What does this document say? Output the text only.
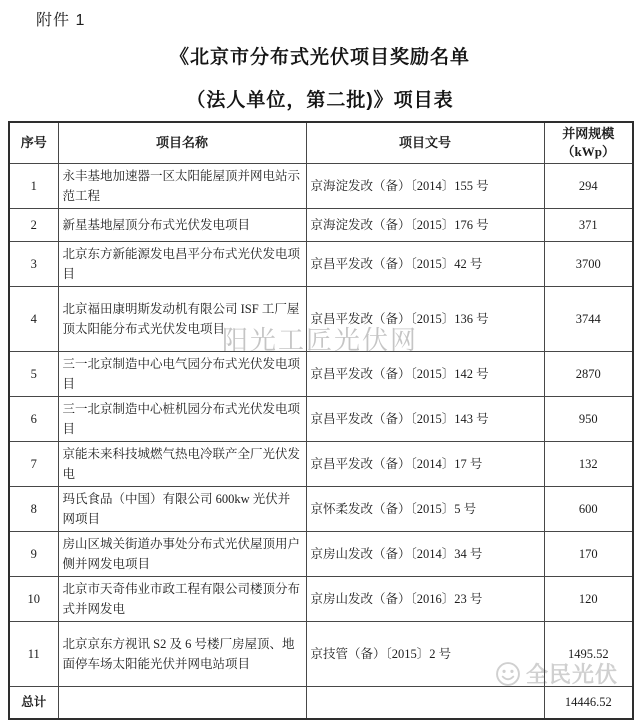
阳光工匠光伏网
全民光伏
附件 1
《北京市分布式光伏项目奖励名单
（法人单位，第二批)》项目表
序号	项目名称	项目文号	并网规模
（kWp）

1	永丰基地加速器一区太阳能屋顶并网电站示范工程	京海淀发改（备）〔2014〕155 号	294
2	新星基地屋顶分布式光伏发电项目	京海淀发改（备）〔2015〕176 号	371
3	北京东方新能源发电昌平分布式光伏发电项目	京昌平发改（备）〔2015〕42 号	3700
4	北京福田康明斯发动机有限公司 ISF 工厂屋顶太阳能分布式光伏发电项目	京昌平发改（备）〔2015〕136 号	3744
5	三一北京制造中心电气园分布式光伏发电项目	京昌平发改（备）〔2015〕142 号	2870
6	三一北京制造中心桩机园分布式光伏发电项目	京昌平发改（备）〔2015〕143 号	950
7	京能未来科技城燃气热电冷联产全厂光伏发电	京昌平发改（备）〔2014〕17 号	132
8	玛氏食品（中国）有限公司 600kw 光伏并网项目	京怀柔发改（备）〔2015〕5 号	600
9	房山区城关街道办事处分布式光伏屋顶用户侧并网发电项目	京房山发改（备）〔2014〕34 号	170
10	北京市天奇伟业市政工程有限公司楼顶分布式并网发电	京房山发改（备）〔2016〕23 号	120
11	北京京东方视讯 S2 及 6 号楼厂房屋顶、地面停车场太阳能光伏并网电站项目	京技管（备）〔2015〕2 号	1495.52
总计			14446.52
